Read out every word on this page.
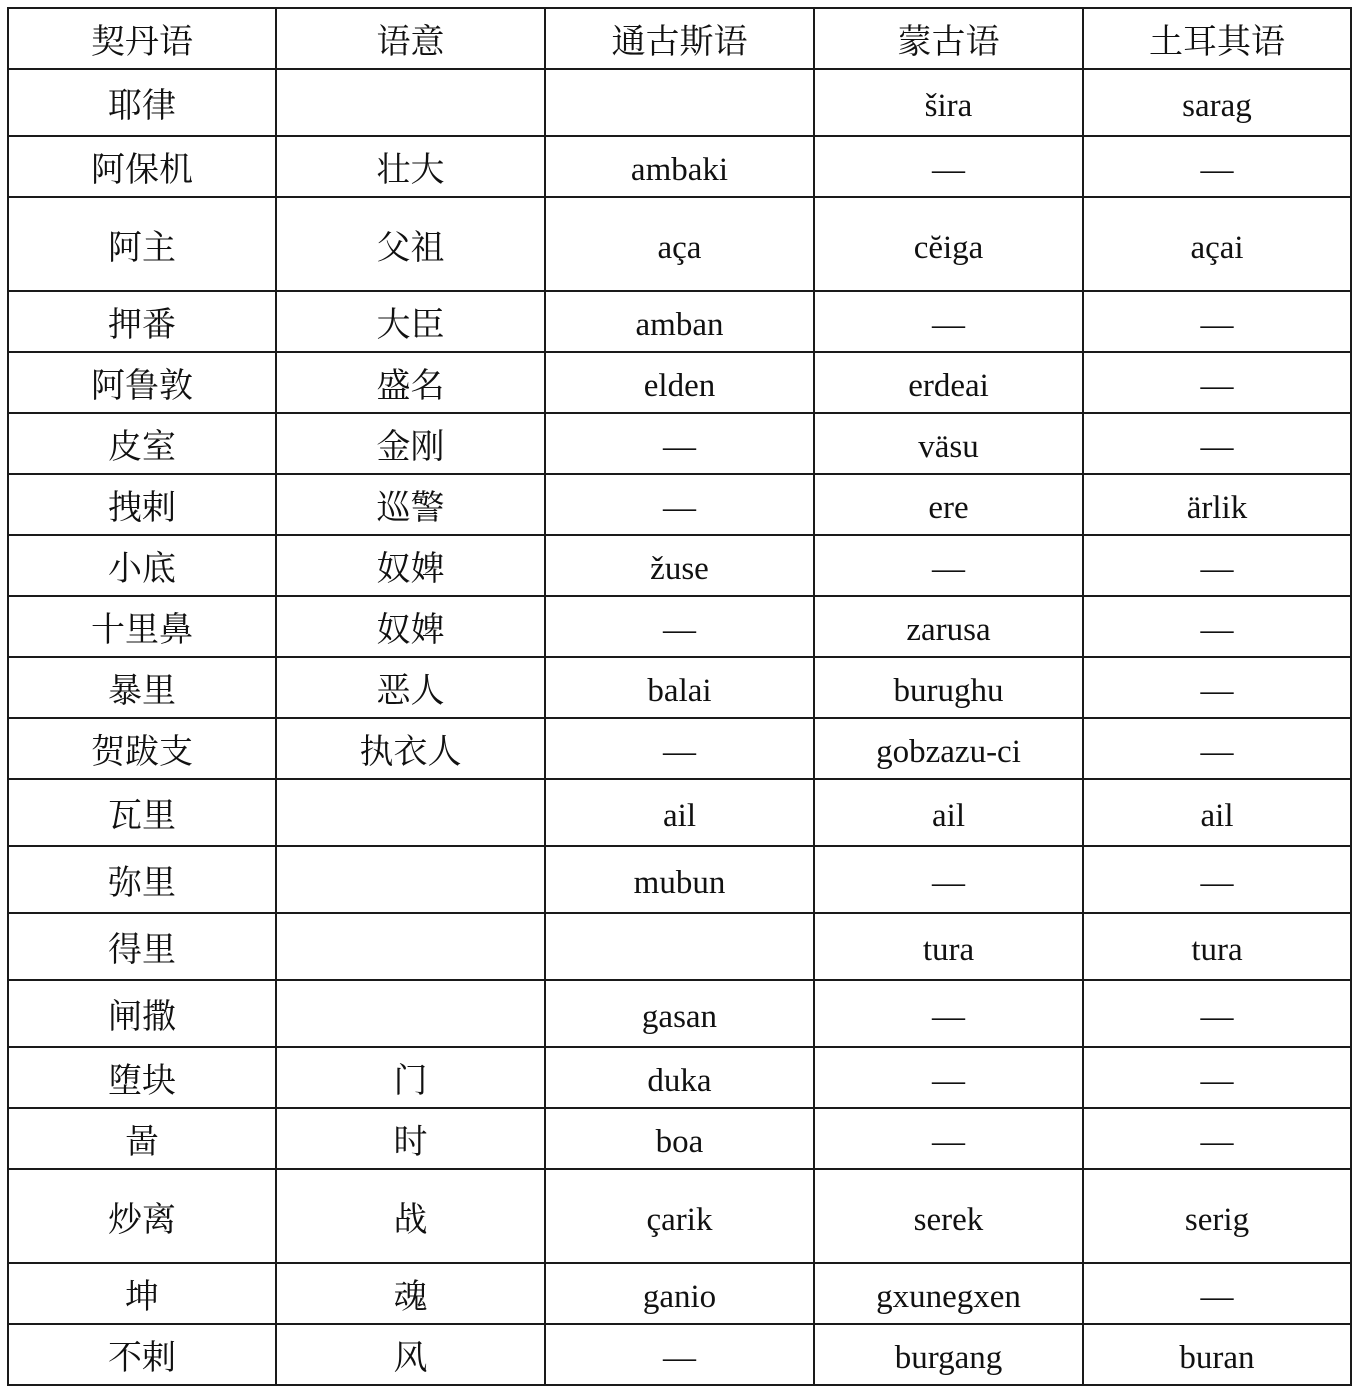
契丹语	语意	通古斯语	蒙古语	土耳其语
耶律			šira	sarag
阿保机	壮大	ambaki	—	—
阿主	父祖	aça	cĕiga	açai
押番	大臣	amban	—	—
阿鲁敦	盛名	elden	erdeai	—
皮室	金刚	—	väsu	—
拽剌	巡警	—	ere	ärlik
小底	奴婢	žuse	—	—
十里鼻	奴婢	—	zarusa	—
暴里	恶人	balai	burughu	—
贺跋支	执衣人	—	gobzazu-ci	—
瓦里		ail	ail	ail
弥里		mubun	—	—
得里			tura	tura
闸撒		gasan	—	—
堕块	门	duka	—	—
啚	时	boa	—	—
炒离	战	çarik	serek	serig
坤	魂	ganio	gxunegxen	—
不剌	风	—	burgang	buran
